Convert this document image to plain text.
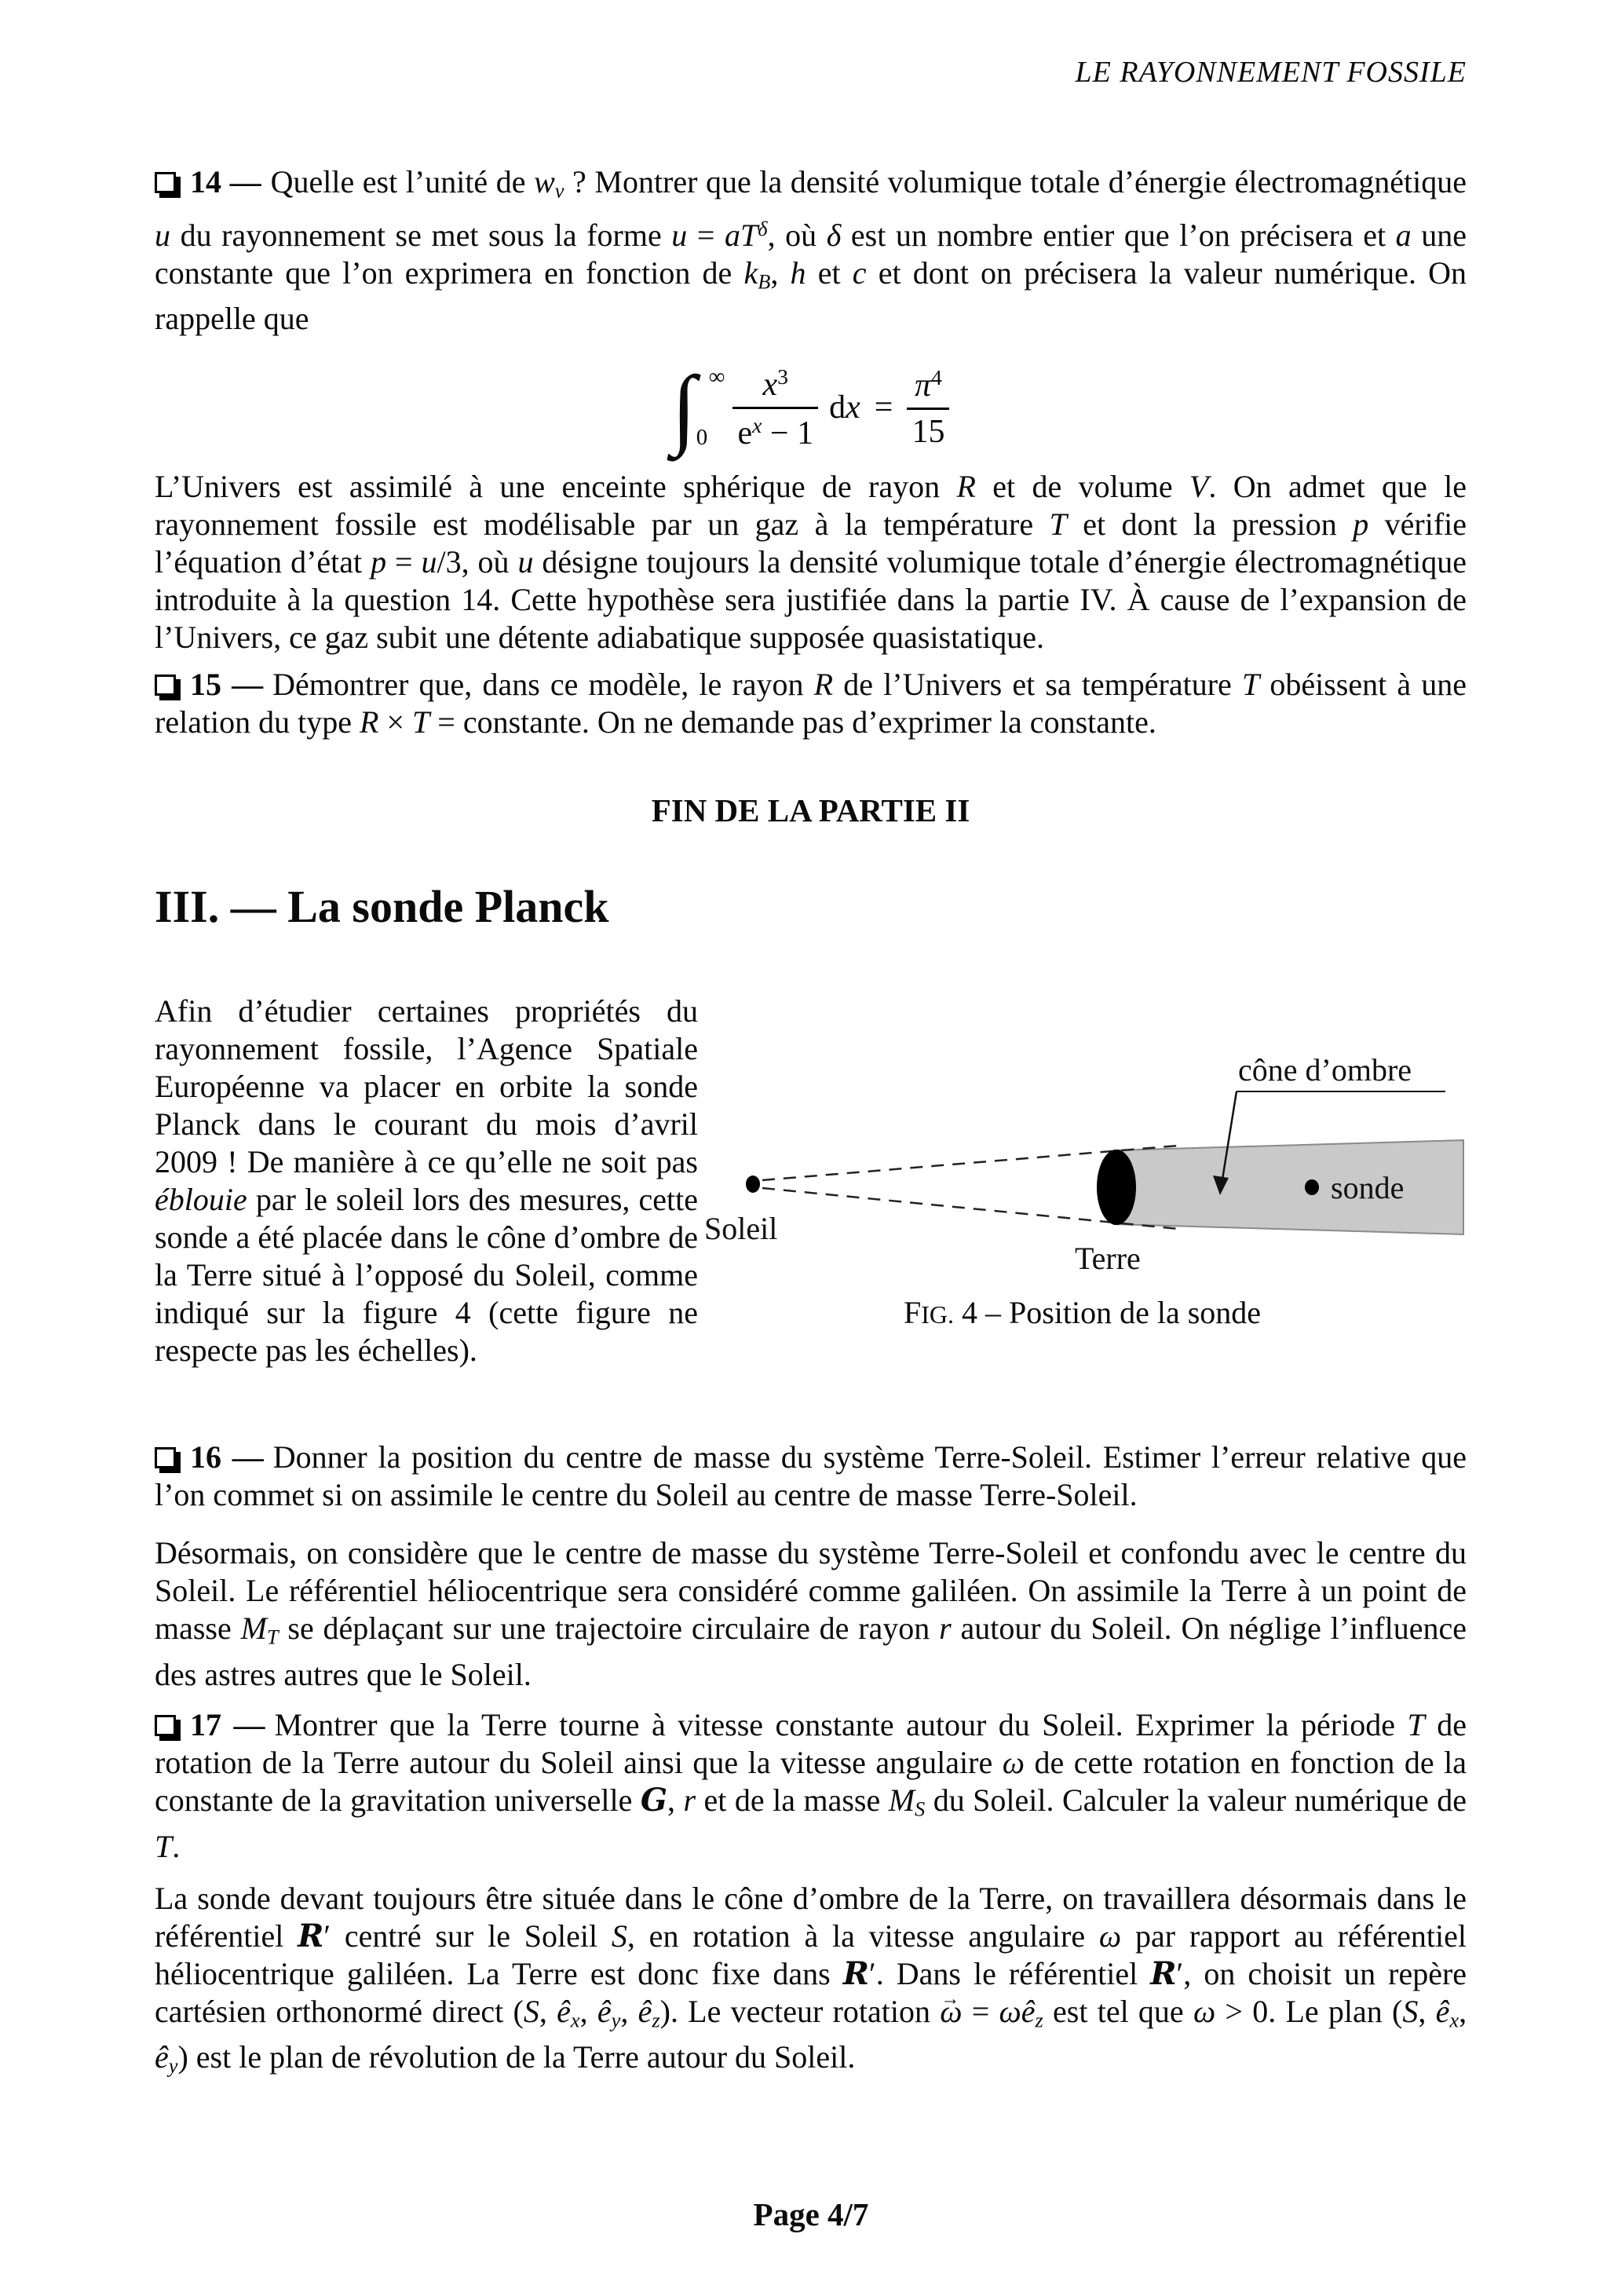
LE RAYONNEMENT FOSSILE

14 — Quelle est l’unité de $w_\nu$ ? Montrer que la densité volumique totale d’énergie électromagnétique u du rayonnement se met sous la forme $u = aT^\delta$, où δ est un nombre entier que l’on précisera et a une constante que l’on exprimera en fonction de $k_B$, h et c et dont on précisera la valeur numérique. On rappelle que

∫ ∞
$0 \frac{x^3}{e^x - 1}$ dx = $\frac{\pi^4}{15}$

L’Univers est assimilé à une enceinte sphérique de rayon R et de volume V. On admet que le rayonnement fossile est modélisable par un gaz à la température T et dont la pression p vérifie l’équation d’état p = u/3, où u désigne toujours la densité volumique totale d’énergie électromagnétique introduite à la question 14. Cette hypothèse sera justifiée dans la partie IV. À cause de l’expansion de l’Univers, ce gaz subit une détente adiabatique supposée quasistatique.

15 — Démontrer que, dans ce modèle, le rayon R de l’Univers et sa température T obéissent à une relation du type R × T = constante. On ne demande pas d’exprimer la constante.

FIN DE LA PARTIE II
III. — La sonde Planck

Afin d’étudier certaines propriétés du rayonnement fossile, l’Agence Spatiale Européenne va placer en orbite la sonde Planck dans le courant du mois d’avril 2009 ! De manière à ce qu’elle ne soit pas éblouie par le soleil lors des mesures, cette sonde a été placée dans le cône d’ombre de la Terre situé à l’opposé du Soleil, comme indiqué sur la figure 4 (cette figure ne respecte pas les échelles).

cône d’ombre
Soleil
Terre
sonde
FIG. 4 – Position de la sonde

16 — Donner la position du centre de masse du système Terre-Soleil. Estimer l’erreur relative que l’on commet si on assimile le centre du Soleil au centre de masse Terre-Soleil.

Désormais, on considère que le centre de masse du système Terre-Soleil et confondu avec le centre du Soleil. Le référentiel héliocentrique sera considéré comme galiléen. On assimile la Terre à un point de masse $M_T$ se déplaçant sur une trajectoire circulaire de rayon r autour du Soleil. On néglige l’influence des astres autres que le Soleil.

17 — Montrer que la Terre tourne à vitesse constante autour du Soleil. Exprimer la période T de rotation de la Terre autour du Soleil ainsi que la vitesse angulaire ω de cette rotation en fonction de la constante de la gravitation universelle G, r et de la masse $M_S$ du Soleil. Calculer la valeur numérique de T.

La sonde devant toujours être située dans le cône d’ombre de la Terre, on travaillera désormais dans le référentiel R′ centré sur le Soleil S, en rotation à la vitesse angulaire ω par rapport au référentiel héliocentrique galiléen. La Terre est donc fixe dans R′. Dans le référentiel R′, on choisit un repère cartésien orthonormé direct (S, $ê_x$, $ê_y$, $ê_z$). Le vecteur rotation ω → = $\omega ê_z$ est tel que ω > 0. Le plan (S, $ê_x$, $ê_y$) est le plan de révolution de la Terre autour du Soleil.

Page 4/7
